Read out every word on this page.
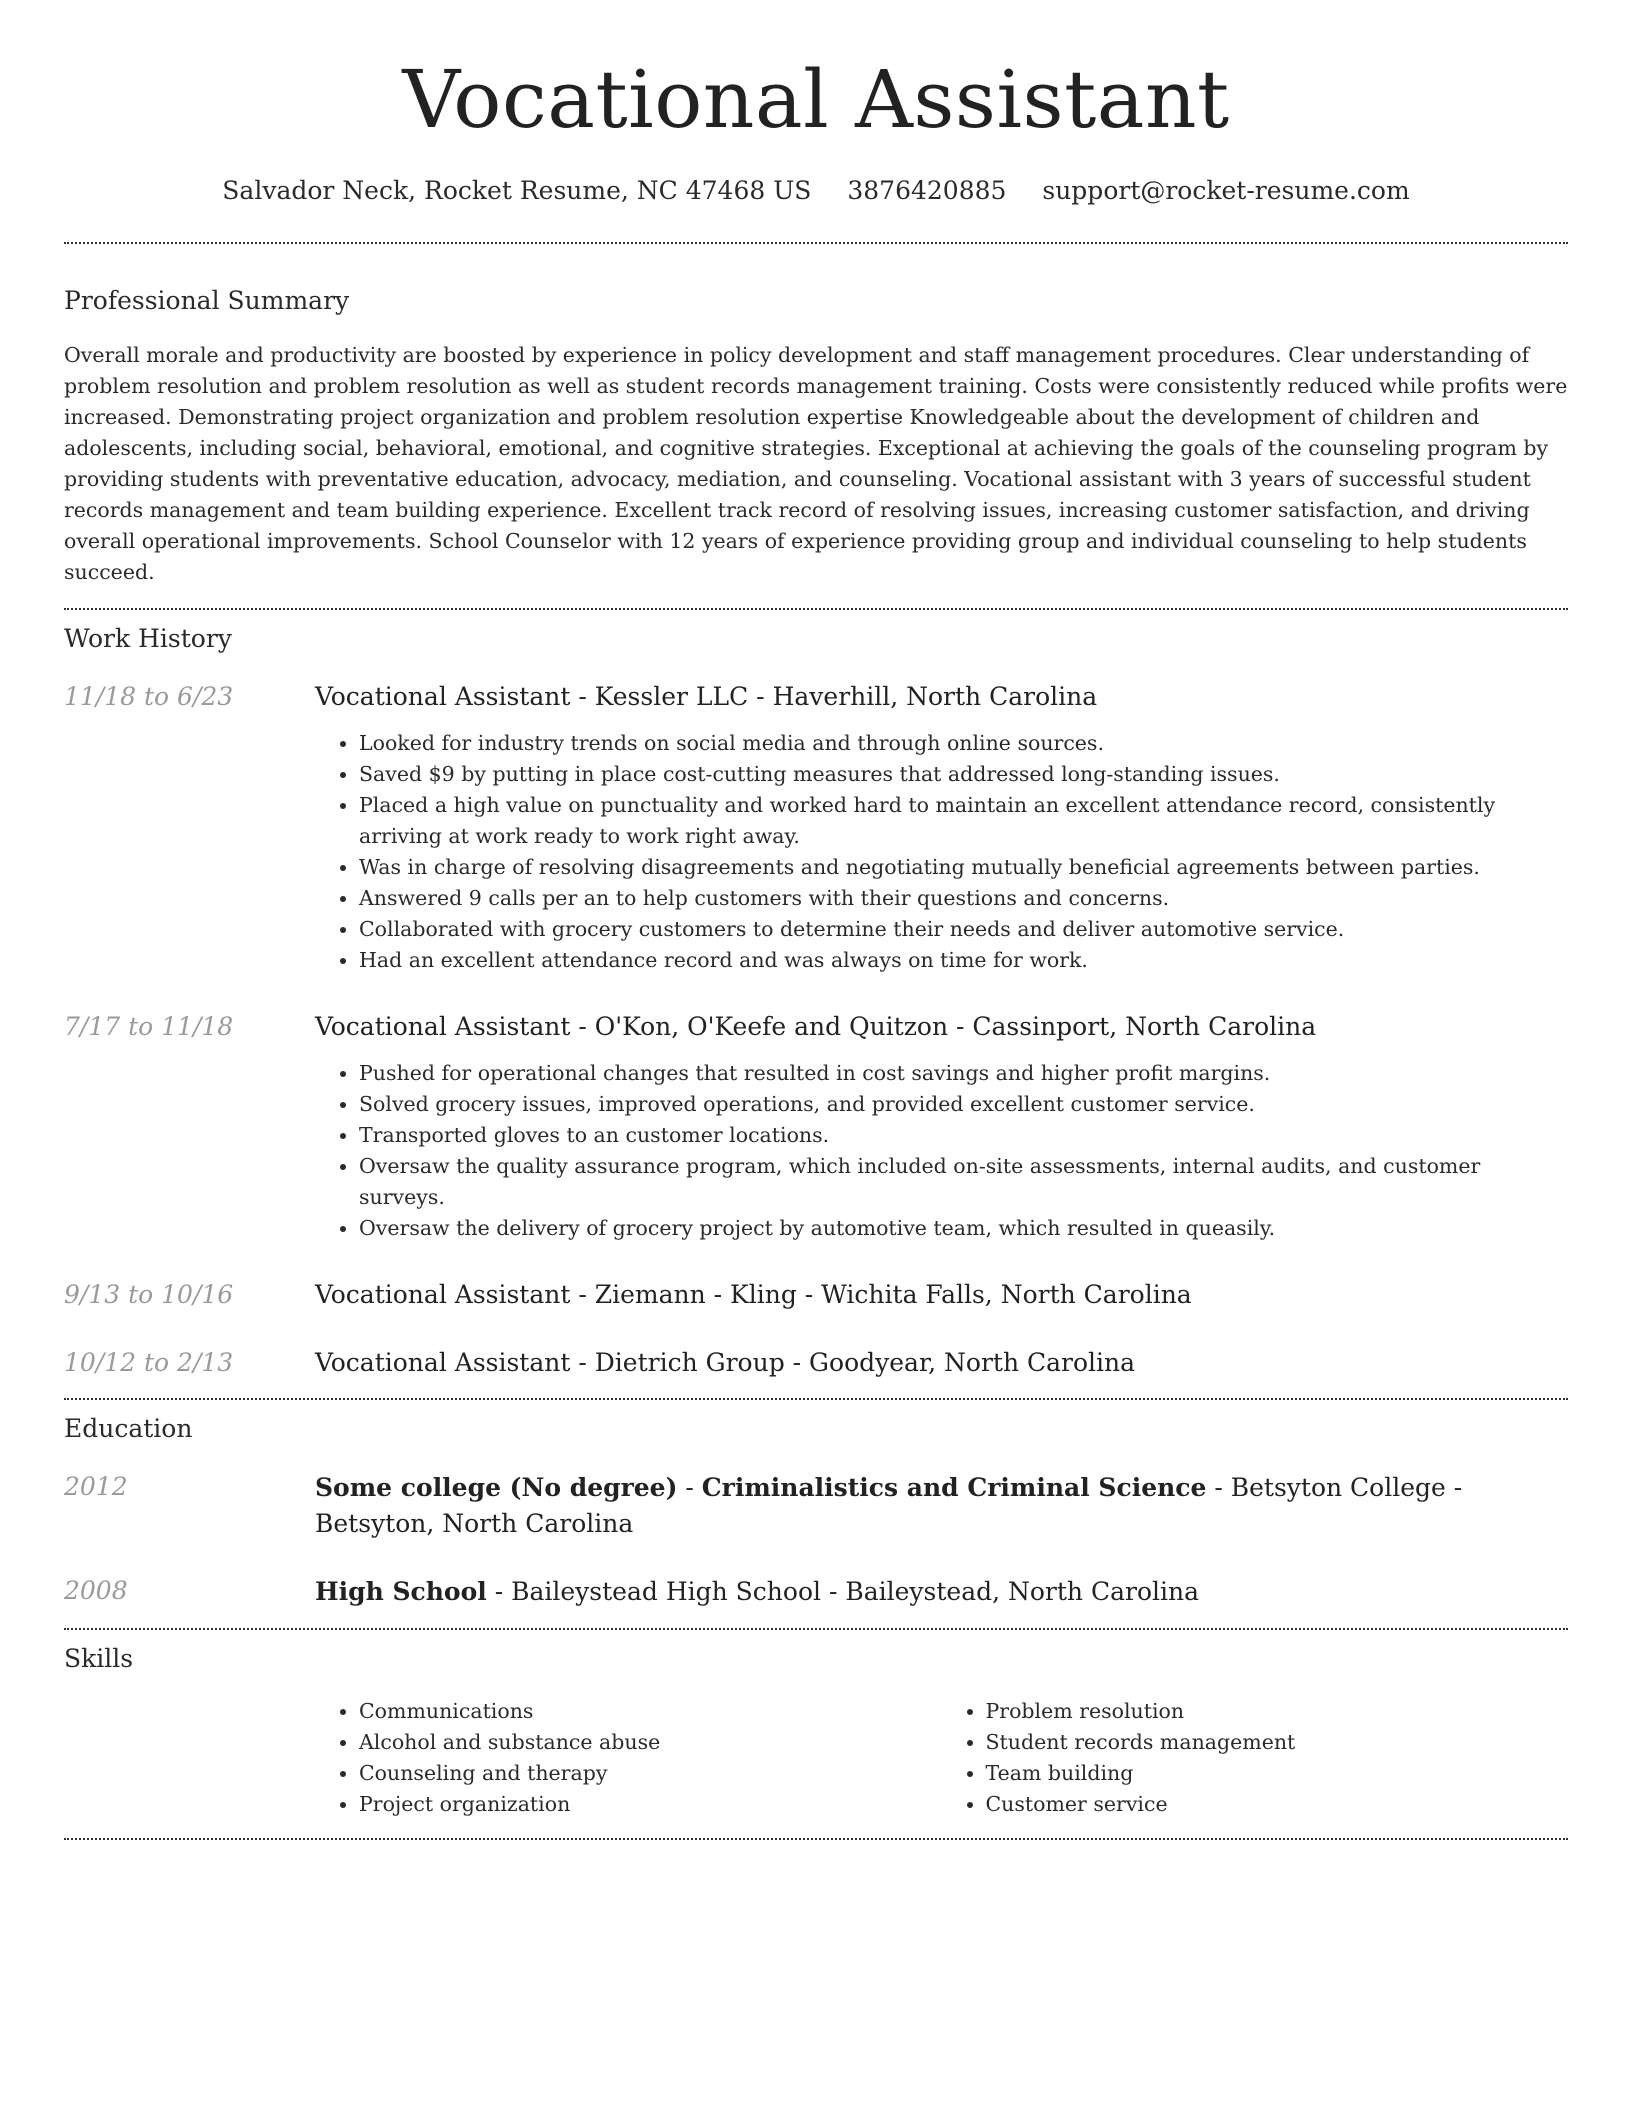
Vocational Assistant
Salvador Neck, Rocket Resume, NC 47468 US 3876420885 support@rocket-resume.com
Professional Summary

Overall morale and productivity are boosted by experience in policy development and staff management procedures. Clear understanding of problem resolution and problem resolution as well as student records management training. Costs were consistently reduced while profits were increased. Demonstrating project organization and problem resolution expertise Knowledgeable about the development of children and adolescents, including social, behavioral, emotional, and cognitive strategies. Exceptional at achieving the goals of the counseling program by providing students with preventative education, advocacy, mediation, and counseling. Vocational assistant with 3 years of successful student records management and team building experience. Excellent track record of resolving issues, increasing customer satisfaction, and driving overall operational improvements. School Counselor with 12 years of experience providing group and individual counseling to help students succeed.

Work History
11/18 to 6/23	Vocational Assistant - Kessler LLC - Haverhill, North Carolina
• Looked for industry trends on social media and through online sources.
• Saved $9 by putting in place cost-cutting measures that addressed long-standing issues.
• Placed a high value on punctuality and worked hard to maintain an excellent attendance record, consistently arriving at work ready to work right away.
• Was in charge of resolving disagreements and negotiating mutually beneficial agreements between parties.
• Answered 9 calls per an to help customers with their questions and concerns.
• Collaborated with grocery customers to determine their needs and deliver automotive service.
• Had an excellent attendance record and was always on time for work.
7/17 to 11/18	Vocational Assistant - O'Kon, O'Keefe and Quitzon - Cassinport, North Carolina
• Pushed for operational changes that resulted in cost savings and higher profit margins.
• Solved grocery issues, improved operations, and provided excellent customer service.
• Transported gloves to an customer locations.
• Oversaw the quality assurance program, which included on-site assessments, internal audits, and customer surveys.
• Oversaw the delivery of grocery project by automotive team, which resulted in queasily.
9/13 to 10/16	Vocational Assistant - Ziemann - Kling - Wichita Falls, North Carolina
10/12 to 2/13	Vocational Assistant - Dietrich Group - Goodyear, North Carolina
Education
2012	Some college (No degree) - Criminalistics and Criminal Science - Betsyton College - Betsyton, North Carolina
2008	High School - Baileystead High School - Baileystead, North Carolina
Skills
• Communications
• Alcohol and substance abuse
• Counseling and therapy
• Project organization
• Problem resolution
• Student records management
• Team building
• Customer service
